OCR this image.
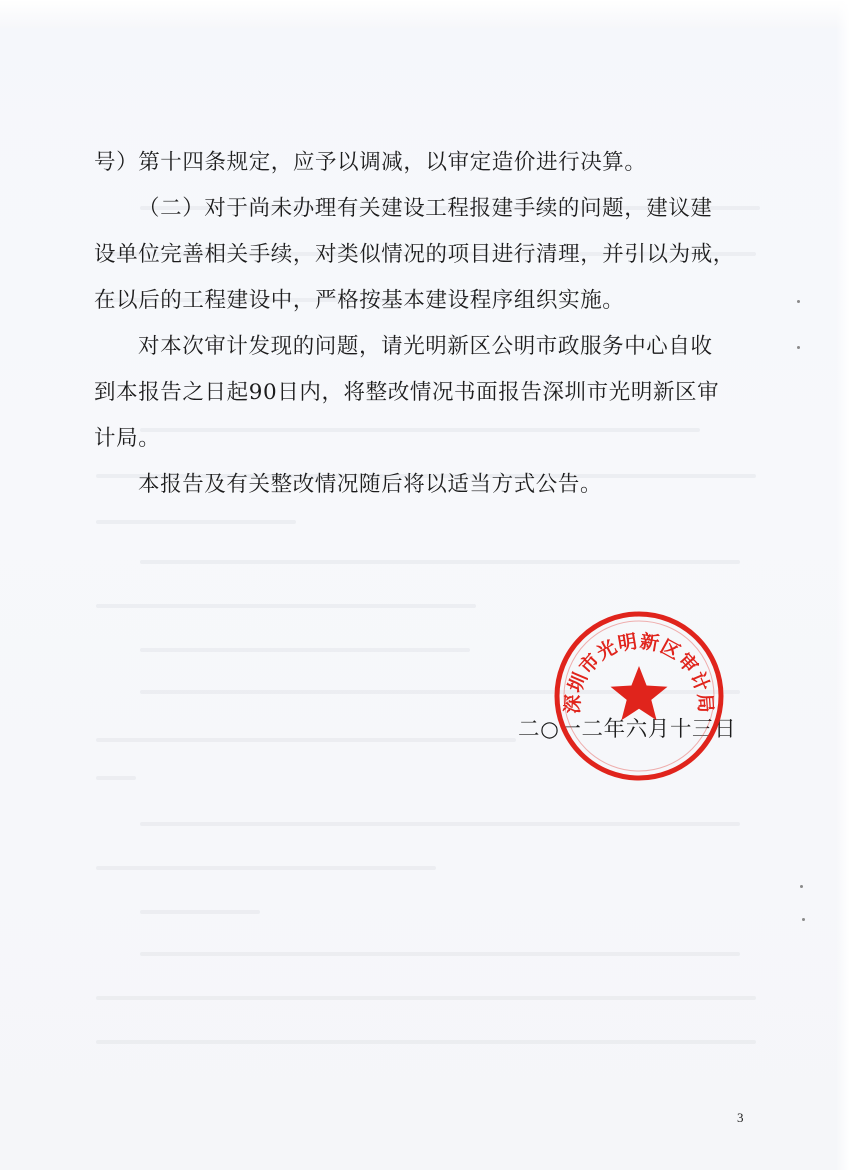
号）第十四条规定，应予以调减，以审定造价进行决算。

（二）对于尚未办理有关建设工程报建手续的问题，建议建

设单位完善相关手续，对类似情况的项目进行清理，并引以为戒，

在以后的工程建设中，严格按基本建设程序组织实施。

对本次审计发现的问题，请光明新区公明市政服务中心自收

到本报告之日起90日内，将整改情况书面报告深圳市光明新区审

计局。

本报告及有关整改情况随后将以适当方式公告。

二○一二年六月十三日
深圳市光明新区审计局
3
